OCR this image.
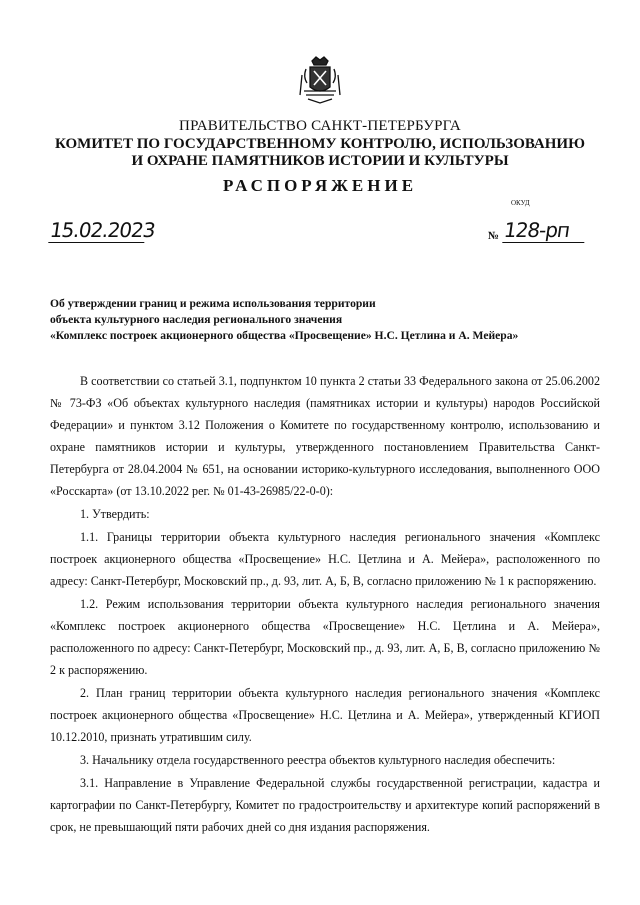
ПРАВИТЕЛЬСТВО САНКТ-ПЕТЕРБУРГА

КОМИТЕТ ПО ГОСУДАРСТВЕННОМУ КОНТРОЛЮ, ИСПОЛЬЗОВАНИЮ
И ОХРАНЕ ПАМЯТНИКОВ ИСТОРИИ И КУЛЬТУРЫ

РАСПОРЯЖЕНИЕ

ОКУД
15.02.2023	№ 128-рп
Об утверждении границ и режима использования территории
объекта культурного наследия регионального значения
«Комплекс построек акционерного общества «Просвещение» Н.С. Цетлина и А. Мейера»

В соответствии со статьей 3.1, подпунктом 10 пункта 2 статьи 33 Федерального закона от 25.06.2002 № 73-ФЗ «Об объектах культурного наследия (памятниках истории и культуры) народов Российской Федерации» и пунктом 3.12 Положения о Комитете по государственному контролю, использованию и охране памятников истории и культуры, утвержденного постановлением Правительства Санкт-Петербурга от 28.04.2004 № 651, на основании историко-культурного исследования, выполненного ООО «Росскарта» (от 13.10.2022 рег. № 01-43-26985/22-0-0):

1. Утвердить:

1.1. Границы территории объекта культурного наследия регионального значения «Комплекс построек акционерного общества «Просвещение» Н.С. Цетлина и А. Мейера», расположенного по адресу: Санкт-Петербург, Московский пр., д. 93, лит. А, Б, В, согласно приложению № 1 к распоряжению.

1.2. Режим использования территории объекта культурного наследия регионального значения «Комплекс построек акционерного общества «Просвещение» Н.С. Цетлина и А. Мейера», расположенного по адресу: Санкт-Петербург, Московский пр., д. 93, лит. А, Б, В, согласно приложению № 2 к распоряжению.

2. План границ территории объекта культурного наследия регионального значения «Комплекс построек акционерного общества «Просвещение» Н.С. Цетлина и А. Мейера», утвержденный КГИОП 10.12.2010, признать утратившим силу.

3. Начальнику отдела государственного реестра объектов культурного наследия обеспечить:

3.1. Направление в Управление Федеральной службы государственной регистрации, кадастра и картографии по Санкт-Петербургу, Комитет по градостроительству и архитектуре копий распоряжений в срок, не превышающий пяти рабочих дней со дня издания распоряжения.
